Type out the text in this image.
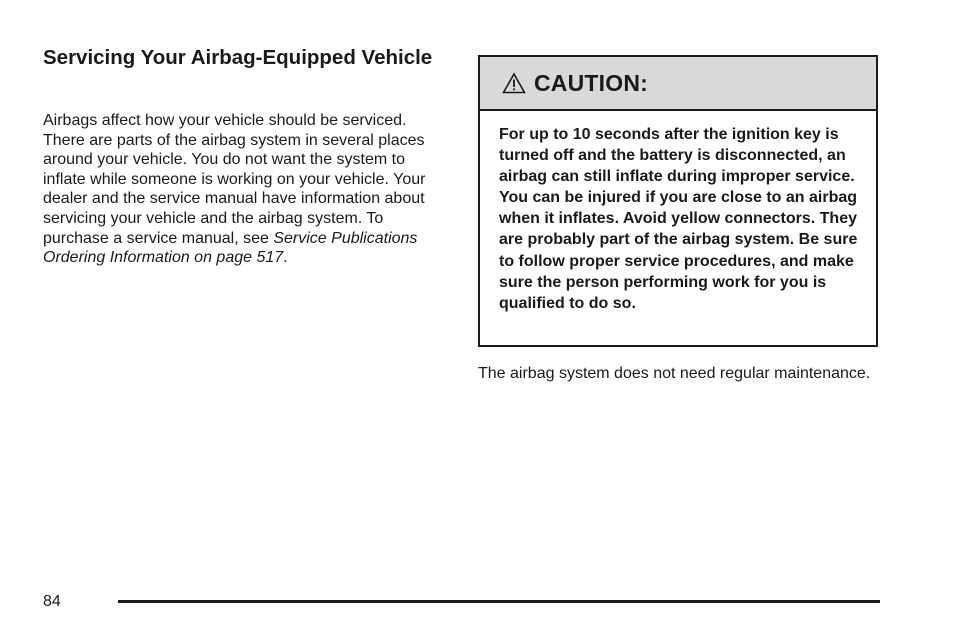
Servicing Your Airbag-Equipped Vehicle

Airbags affect how your vehicle should be serviced. There are parts of the airbag system in several places around your vehicle. You do not want the system to inflate while someone is working on your vehicle. Your dealer and the service manual have information about servicing your vehicle and the airbag system. To purchase a service manual, see Service Publications Ordering Information on page 517.

CAUTION:

For up to 10 seconds after the ignition key is turned off and the battery is disconnected, an airbag can still inflate during improper service. You can be injured if you are close to an airbag when it inflates. Avoid yellow connectors. They are probably part of the airbag system. Be sure to follow proper service procedures, and make sure the person performing work for you is qualified to do so.

The airbag system does not need regular maintenance.

84
